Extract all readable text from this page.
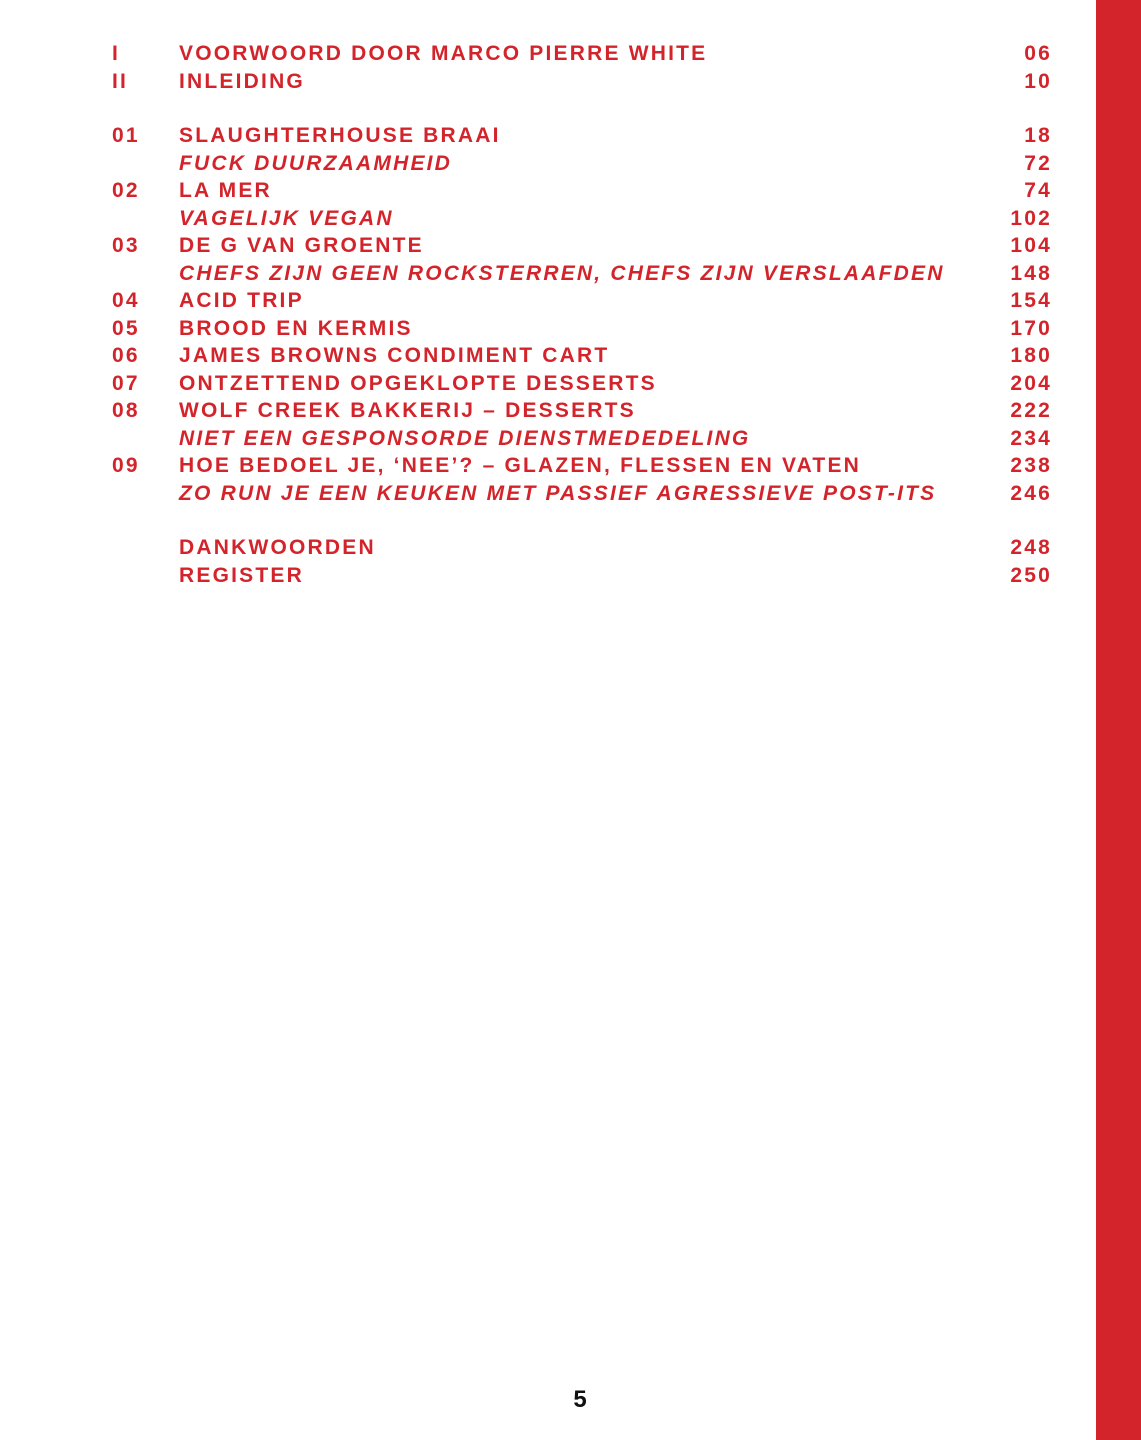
I	VOORWOORD DOOR MARCO PIERRE WHITE	06
II INLEIDING	10
01 SLAUGHTERHOUSE BRAAI	18
FUCK DUURZAAMHEID	72
02 LA MER	74
VAGELIJK VEGAN	102
03 DE G VAN GROENTE	104
CHEFS ZIJN GEEN ROCKSTERREN, CHEFS ZIJN VERSLAAFDEN	148
04 ACID TRIP	154
05 BROOD EN KERMIS	170
06 JAMES BROWNS CONDIMENT CART	180
07 ONTZETTEND OPGEKLOPTE DESSERTS	204
08 WOLF CREEK BAKKERIJ – DESSERTS	222
NIET EEN GESPONSORDE DIENSTMEDEDELING	234
09 HOE BEDOEL JE, ‘NEE’? – GLAZEN, FLESSEN EN VATEN	238
ZO RUN JE EEN KEUKEN MET PASSIEF AGRESSIEVE POST-ITS	246
DANKWOORDEN	248
REGISTER	250
5
